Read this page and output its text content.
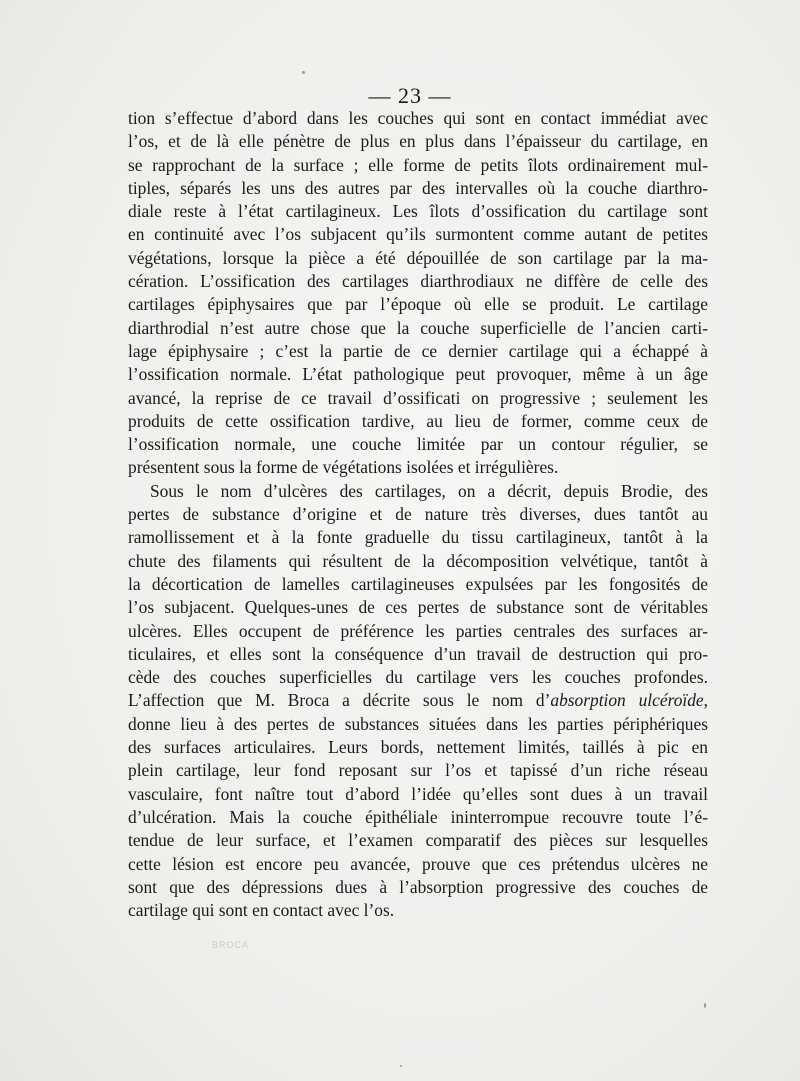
— 23 —
tion s’effectue d’abord dans les couches qui sont en contact immédiat avec
l’os, et de là elle pénètre de plus en plus dans l’épaisseur du cartilage, en
se rapprochant de la surface ; elle forme de petits îlots ordinairement mul-
tiples, séparés les uns des autres par des intervalles où la couche diarthro-
diale reste à l’état cartilagineux. Les îlots d’ossification du cartilage sont
en continuité avec l’os subjacent qu’ils surmontent comme autant de petites
végétations, lorsque la pièce a été dépouillée de son cartilage par la ma-
cération. L’ossification des cartilages diarthrodiaux ne diffère de celle des
cartilages épiphysaires que par l’époque où elle se produit. Le cartilage
diarthrodial n’est autre chose que la couche superficielle de l’ancien carti-
lage épiphysaire ; c’est la partie de ce dernier cartilage qui a échappé à
l’ossification normale. L’état pathologique peut provoquer, même à un âge
avancé, la reprise de ce travail d’ossificati on progressive ; seulement les
produits de cette ossification tardive, au lieu de former, comme ceux de
l’ossification normale, une couche limitée par un contour régulier, se
présentent sous la forme de végétations isolées et irrégulières.
Sous le nom d’ulcères des cartilages, on a décrit, depuis Brodie, des
pertes de substance d’origine et de nature très diverses, dues tantôt au
ramollissement et à la fonte graduelle du tissu cartilagineux, tantôt à la
chute des filaments qui résultent de la décomposition velvétique, tantôt à
la décortication de lamelles cartilagineuses expulsées par les fongosités de
l’os subjacent. Quelques-unes de ces pertes de substance sont de véritables
ulcères. Elles occupent de préférence les parties centrales des surfaces ar-
ticulaires, et elles sont la conséquence d’un travail de destruction qui pro-
cède des couches superficielles du cartilage vers les couches profondes.
L’affection que M. Broca a décrite sous le nom d’absorption ulcéroïde,
donne lieu à des pertes de substances situées dans les parties périphériques
des surfaces articulaires. Leurs bords, nettement limités, taillés à pic en
plein cartilage, leur fond reposant sur l’os et tapissé d’un riche réseau
vasculaire, font naître tout d’abord l’idée qu’elles sont dues à un travail
d’ulcération. Mais la couche épithéliale ininterrompue recouvre toute l’é-
tendue de leur surface, et l’examen comparatif des pièces sur lesquelles
cette lésion est encore peu avancée, prouve que ces prétendus ulcères ne
sont que des dépressions dues à l’absorption progressive des couches de
cartilage qui sont en contact avec l’os.
BROCA
